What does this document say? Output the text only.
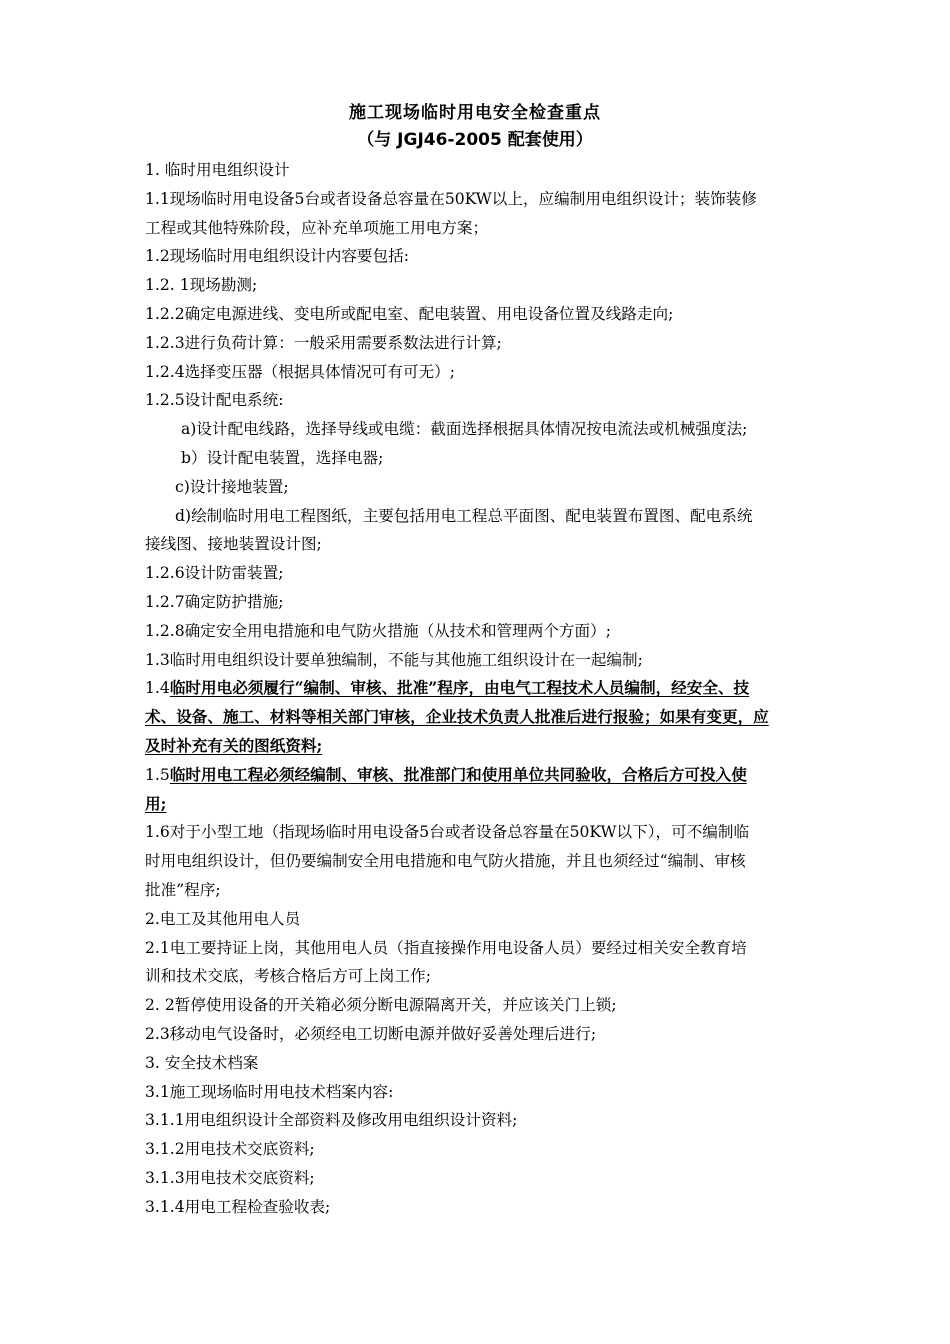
施工现场临时用电安全检查重点
（与 JGJ46-2005 配套使用）
1. 临时用电组织设计
1.1现场临时用电设备5台或者设备总容量在50KW以上，应编制用电组织设计；装饰装修
工程或其他特殊阶段，应补充单项施工用电方案；
1.2现场临时用电组织设计内容要包括:
1.2. 1现场勘测;
1.2.2确定电源进线、变电所或配电室、配电装置、用电设备位置及线路走向;
1.2.3进行负荷计算：一般采用需要系数法进行计算;
1.2.4选择变压器（根据具体情况可有可无）;
1.2.5设计配电系统:
a)设计配电线路，选择导线或电缆：截面选择根据具体情况按电流法或机械强度法;
b）设计配电装置，选择电器;
c)设计接地装置;
d)绘制临时用电工程图纸，主要包括用电工程总平面图、配电装置布置图、配电系统
接线图、接地装置设计图;
1.2.6设计防雷装置;
1.2.7确定防护措施;
1.2.8确定安全用电措施和电气防火措施（从技术和管理两个方面）;
1.3临时用电组织设计要单独编制，不能与其他施工组织设计在一起编制;
1.4临时用电必须履行“编制、审核、批准”程序，由电气工程技术人员编制，经安全、技
术、设备、施工、材料等相关部门审核，企业技术负责人批准后进行报验；如果有变更，应
及时补充有关的图纸资料;
1.5临时用电工程必须经编制、审核、批准部门和使用单位共同验收，合格后方可投入使
用;
1.6对于小型工地（指现场临时用电设备5台或者设备总容量在50KW以下），可不编制临
时用电组织设计，但仍要编制安全用电措施和电气防火措施，并且也须经过“编制、审核
批准”程序;
2.电工及其他用电人员
2.1电工要持证上岗，其他用电人员（指直接操作用电设备人员）要经过相关安全教育培
训和技术交底，考核合格后方可上岗工作;
2. 2暂停使用设备的开关箱必须分断电源隔离开关，并应该关门上锁;
2.3移动电气设备时，必须经电工切断电源并做好妥善处理后进行;
3. 安全技术档案
3.1施工现场临时用电技术档案内容:
3.1.1用电组织设计全部资料及修改用电组织设计资料;
3.1.2用电技术交底资料;
3.1.3用电技术交底资料;
3.1.4用电工程检查验收表;
